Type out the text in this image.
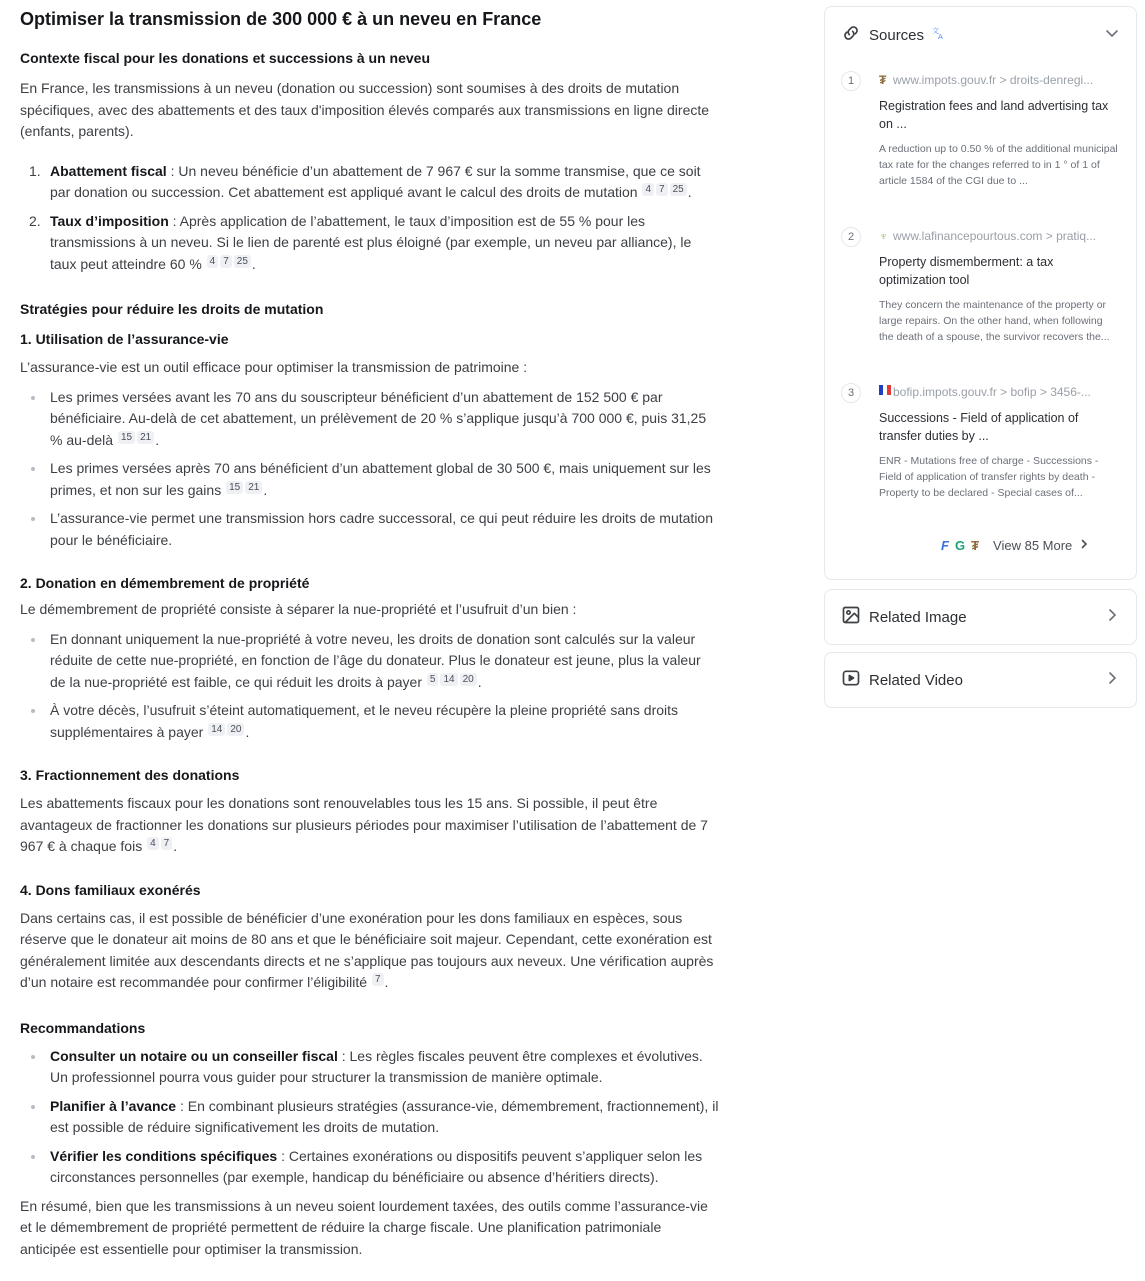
Optimiser la transmission de 300 000 € à un neveu en France
Contexte fiscal pour les donations et successions à un neveu

En France, les transmissions à un neveu (donation ou succession) sont soumises à des droits de mutation spécifiques, avec des abattements et des taux d'imposition élevés comparés aux transmissions en ligne directe (enfants, parents).

1. Abattement fiscal : Un neveu bénéficie d’un abattement de 7 967 € sur la somme transmise, que ce soit par donation ou succession. Cet abattement est appliqué avant le calcul des droits de mutation 4 7 25 .
2. Taux d’imposition : Après application de l’abattement, le taux d’imposition est de 55 % pour les transmissions à un neveu. Si le lien de parenté est plus éloigné (par exemple, un neveu par alliance), le taux peut atteindre 60 % 4 7 25 .
Stratégies pour réduire les droits de mutation
1. Utilisation de l’assurance-vie

L’assurance-vie est un outil efficace pour optimiser la transmission de patrimoine :

Les primes versées avant les 70 ans du souscripteur bénéficient d’un abattement de 152 500 € par bénéficiaire. Au-delà de cet abattement, un prélèvement de 20 % s’applique jusqu’à 700 000 €, puis 31,25 % au-delà 15 21 .
Les primes versées après 70 ans bénéficient d’un abattement global de 30 500 €, mais uniquement sur les primes, et non sur les gains 15 21 .
L’assurance-vie permet une transmission hors cadre successoral, ce qui peut réduire les droits de mutation pour le bénéficiaire.
2. Donation en démembrement de propriété

Le démembrement de propriété consiste à séparer la nue-propriété et l’usufruit d’un bien :

En donnant uniquement la nue-propriété à votre neveu, les droits de donation sont calculés sur la valeur réduite de cette nue-propriété, en fonction de l’âge du donateur. Plus le donateur est jeune, plus la valeur de la nue-propriété est faible, ce qui réduit les droits à payer 5 14 20 .
À votre décès, l’usufruit s’éteint automatiquement, et le neveu récupère la pleine propriété sans droits supplémentaires à payer 14 20 .
3. Fractionnement des donations

Les abattements fiscaux pour les donations sont renouvelables tous les 15 ans. Si possible, il peut être avantageux de fractionner les donations sur plusieurs périodes pour maximiser l’utilisation de l’abattement de 7 967 € à chaque fois 4 7 .

4. Dons familiaux exonérés

Dans certains cas, il est possible de bénéficier d’une exonération pour les dons familiaux en espèces, sous réserve que le donateur ait moins de 80 ans et que le bénéficiaire soit majeur. Cependant, cette exonération est généralement limitée aux descendants directs et ne s’applique pas toujours aux neveux. Une vérification auprès d’un notaire est recommandée pour confirmer l’éligibilité 7 .

Recommandations
Consulter un notaire ou un conseiller fiscal : Les règles fiscales peuvent être complexes et évolutives. Un professionnel pourra vous guider pour structurer la transmission de manière optimale.
Planifier à l’avance : En combinant plusieurs stratégies (assurance-vie, démembrement, fractionnement), il est possible de réduire significativement les droits de mutation.
Vérifier les conditions spécifiques : Certaines exonérations ou dispositifs peuvent s’appliquer selon les circonstances personnelles (par exemple, handicap du bénéficiaire ou absence d’héritiers directs).

En résumé, bien que les transmissions à un neveu soient lourdement taxées, des outils comme l’assurance-vie et le démembrement de propriété permettent de réduire la charge fiscale. Une planification patrimoniale anticipée est essentielle pour optimiser la transmission.

Sources 文
A
1	₮ www.impots.gouv.fr > droits-denregi...
Registration fees and land advertising tax on ...
A reduction up to 0.50 % of the additional municipal tax rate for the changes referred to in 1 ° of 1 of article 1584 of the CGI due to ...
2	♆ www.lafinancepourtous.com > pratiq...
Property dismemberment: a tax optimization tool
They concern the maintenance of the property or large repairs. On the other hand, when following the death of a spouse, the survivor recovers the...
3	bofip.impots.gouv.fr > bofip > 3456-...
Successions - Field of application of transfer duties by ...
ENR - Mutations free of charge - Successions - Field of application of transfer rights by death - Property to be declared - Special cases of...
F G ₮ View 85 More
Related Image
Related Video
